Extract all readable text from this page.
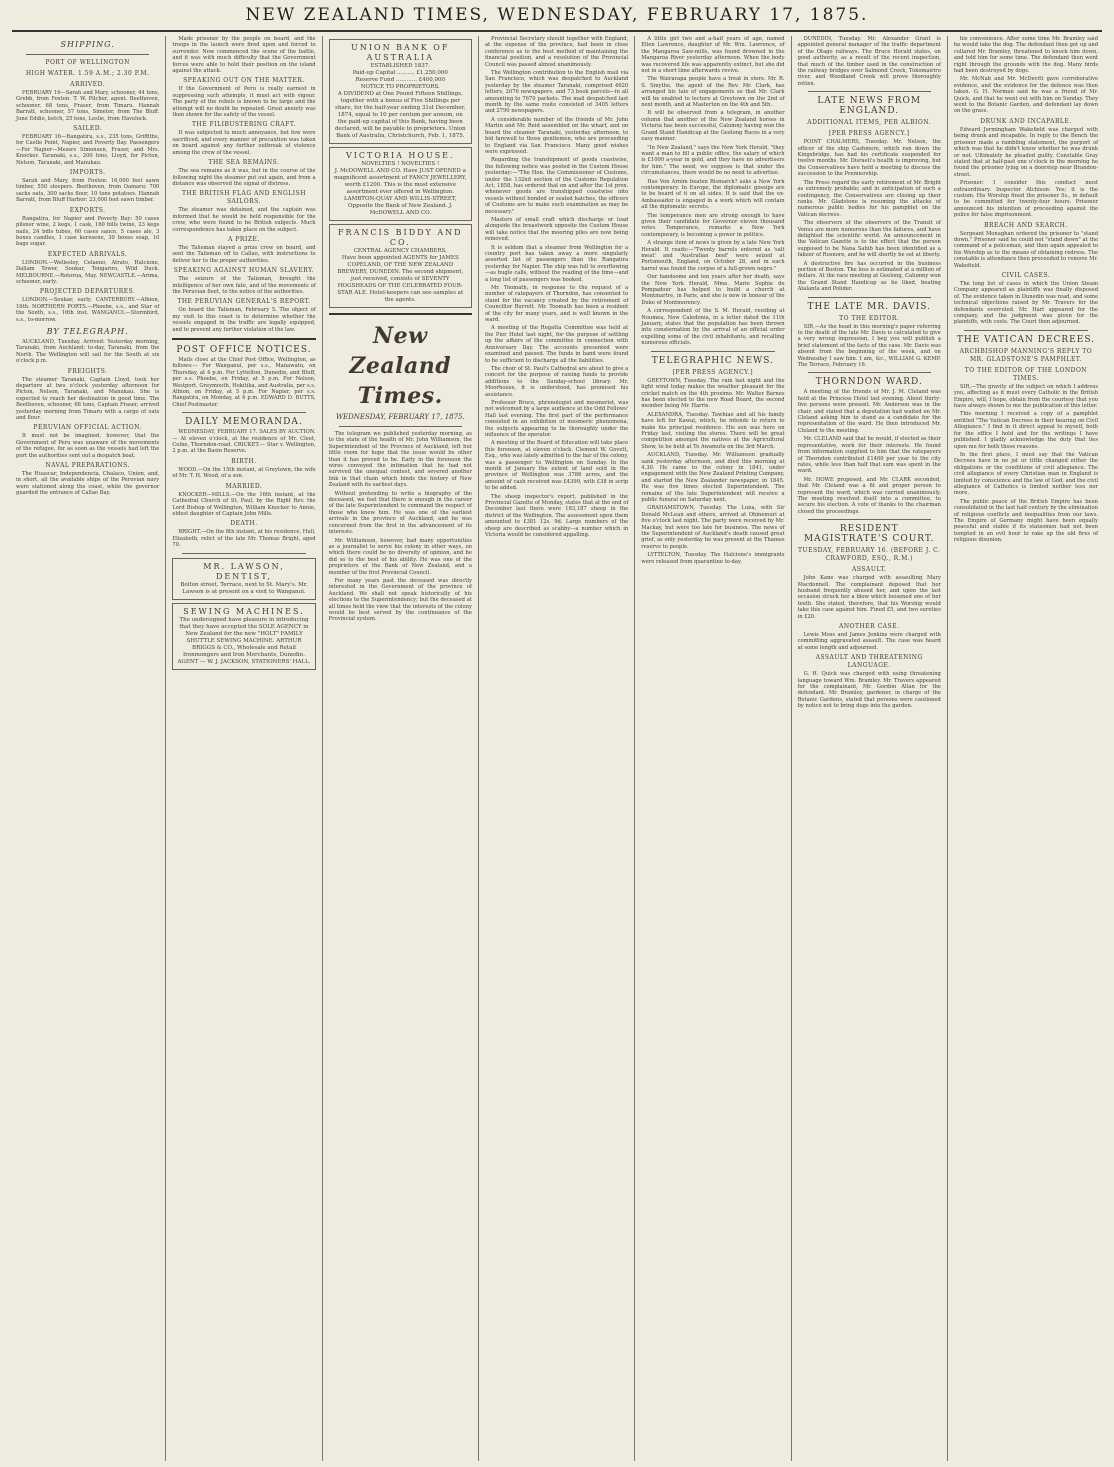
NEW ZEALAND TIMES, WEDNESDAY, FEBRUARY 17, 1875.
SHIPPING.
PORT OF WELLINGTON
HIGH WATER. 1.59 A.M.; 2.30 P.M.
ARRIVED.

FEBRUARY 16—Sarah and Mary, schooner, 44 tons, Grebb, from Foxton. T. W. Pilcher, agent. Beethoven, schooner, 68 tons, Fraser, from Timaru. Hannah Barratt, schooner, 57 tons, Simeter, from The Bluff. June Eddie, ketch, 25 tons, Leslie, from Havelock.

SAILED.

FEBRUARY 16—Rangatira, s.s., 235 tons, Griffiths, for Castle Point, Napier, and Poverty Bay. Passengers—For Napier—Messrs Simonsen, Fraser, and Mrs. Knocker. Taranaki, s.s., 200 tons, Lloyd, for Picton, Nelson, Taranaki, and Manukau.

IMPORTS.

Sarah and Mary, from Foxton: 16,000 feet sawn timber, 550 sleepers. Beethoven, from Oamaru: 700 sacks oats, 300 sacks flour, 10 tons potatoes. Hannah Barratt, from Bluff Harbor: 23,000 feet sawn timber.

EXPORTS.

Rangatira, for Napier and Poverty Bay: 50 cases pilsner wine, 2 kegs, 1 cask, 160 bills twine, 23 kegs nails, 24 bdls tubes, 60 cases sauce, 5 cases ale, 3 boxes candles, 1 case kerosene, 30 boxes soap, 10 bags sugar.

EXPECTED ARRIVALS.

LONDON.—Wellesley, Celaeno, Atrato, Halcione, Dallam Tower, Soukar, Tongariro, Wild Duck. MELBOURNE.—Rotorua, May. NEWCASTLE.—Arima, schooner, early.

PROJECTED DEPARTURES.

LONDON.—Soukar, early. CANTERBURY.—Albion, 16th. NORTHERN PORTS.—Phoebe, s.s., and Star of the South, s.s., 16th inst. WANGANUI.—Stormbird, s.s., to-morrow.

BY TELEGRAPH.

AUCKLAND, Tuesday. Arrived: Yesterday morning, Taranaki, from Auckland; to-day, Taranaki, from the North. The Wellington will sail for the South at six o'clock p.m.

FREIGHTS.

The steamer Taranaki, Captain Lloyd, took her departure at two o'clock yesterday afternoon for Picton, Nelson, Taranaki, and Manukau. She is expected to reach her destination in good time. The Beethoven, schooner, 68 tons, Captain Fraser, arrived yesterday morning from Timaru with a cargo of oats and flour.

PERUVIAN OFFICIAL ACTION.

It must not be imagined, however, that the Government of Peru was unaware of the movements of the refugee, for as soon as the vessels had left the port the authorities sent out a despatch boat.

NAVAL PREPARATIONS.

The Huascar, Independencia, Chalaco, Union, and, in short, all the available ships of the Peruvian navy were stationed along the coast, while the governor guarded the entrance of Callao Bay.

Made prisoner by the people on board, and the troops in the launch were fired upon and forced to surrender. Now commenced the scene of the battle, and it was with much difficulty that the Government forces were able to hold their position on the island against the attack.

SPEAKING OUT ON THE MATTER.

If the Government of Peru is really earnest in suppressing such attempts, it must act with vigour. The party of the rebels is known to be large and the attempt will no doubt be repeated. Great anxiety was then shown for the safety of the vessel.

THE FILIBUSTERING CRAFT.

It was subjected to much annoyance, but few were sacrificed, and every manner of precaution was taken on board against any further outbreak of violence among the crew of the vessel.

THE SEA REMAINS.

The sea remains as it was, but in the course of the following night the steamer put out again, and from a distance was observed the signal of distress.

THE BRITISH FLAG AND ENGLISH SAILORS.

The steamer was detained, and the captain was informed that he would be held responsible for the crew, who were found to be British subjects. Much correspondence has taken place on the subject.

A PRIZE.

The Talisman stayed a prize crew on board, and sent the Talisman off to Callao, with instructions to deliver her to the proper authorities.

SPEAKING AGAINST HUMAN SLAVERY.

The seizure of the Talisman, brought the intelligence of her own fate, and of the movements of the Peruvian fleet, to the notice of the authorities.

THE PERUVIAN GENERAL'S REPORT.

On board the Talisman, February 5. The object of my visit to this coast is to determine whether the vessels engaged in the traffic are legally equipped, and to prevent any further violation of the law.

POST OFFICE NOTICES.

Mails close at the Chief Post Office, Wellington, as follows:— For Wanganui, per s.s., Manawatu, on Thursday, at 4 p.m. For Lyttelton, Dunedin, and Bluff, per s.s. Phoebe, on Friday, at 5 p.m. For Nelson, Westport, Greymouth, Hokitika, and Australia, per s.s. Albion, on Friday, at 5 p.m. For Napier, per s.s. Rangatira, on Monday, at 4 p.m. EDWARD D. BUTTS, Chief Postmaster.

DAILY MEMORANDA.

WEDNESDAY, FEBRUARY 17. SALES BY AUCTION.— At eleven o'clock, at the residence of Mr. Cleet, Colne, Thorndon-road. CRICKET.— Star v. Wellington, 2 p.m. at the Basin Reserve.

BIRTH.

WOOD.—On the 15th instant, at Greytown, the wife of Mr. T. H. Wood, of a son.

MARRIED.

KNOCKER—MILLS.—On the 16th instant, at the Cathedral Church of St. Paul, by the Right Rev. the Lord Bishop of Wellington, William Knocker to Annie, eldest daughter of Captain John Mills.

DEATH.

BRIGHT.—On the 8th instant, at his residence, Hull, Elizabeth, relict of the late Mr. Thomas Bright, aged 70.

MR. LAWSON, DENTIST,
Bolton street, Terrace, next to St. Mary's. Mr. Lawson is at present on a visit to Wanganui.
SEWING MACHINES.
The undersigned have pleasure in introducing that they have accepted the SOLE AGENCY in New Zealand for the new "HOLT" FAMILY SHUTTLE SEWING MACHINE. ARTHUR BRIGGS & CO., Wholesale and Retail Ironmongers and Iron Merchants, Dunedin. AGENT — W. J. JACKSON, STATIONERS' HALL.
UNION BANK OF AUSTRALIA
ESTABLISHED 1837.
Paid-up Capital .......... £1,250,000
Reserve Fund ............ £400,000
NOTICE TO PROPRIETORS.
A DIVIDEND at One Pound Fifteen Shillings, together with a bonus of Five Shillings per share, for the half-year ending 31st December, 1874, equal to 10 per centum per annum, on the paid-up capital of this Bank, having been declared, will be payable to proprietors. Union Bank of Australia, Christchurch, Feb. 1, 1875.
VICTORIA HOUSE.
NOVELTIES ! NOVELTIES !
J. McDOWELL AND CO. Have JUST OPENED a magnificent assortment of FANCY JEWELLERY, worth £1200. This is the most extensive assortment ever offered in Wellington. LAMBTON-QUAY AND WILLIS-STREET, Opposite the Bank of New Zealand. J. McDOWELL AND CO.
FRANCIS BIDDY AND CO.
CENTRAL AGENCY CHAMBERS,
Have been appointed AGENTS for JAMES COPELAND, OF THE NEW ZEALAND BREWERY, DUNEDIN. The second shipment, just received, consists of SEVENTY HOGSHEADS OF THE CELEBRATED FOUR-STAR ALE. Hotel-keepers can see samples at the agents.
New Zealand Times.
WEDNESDAY, FEBRUARY 17, 1875.

The telegram we published yesterday morning, as to the state of the health of Mr. John Williamson, the Superintendent of the Province of Auckland, left but little room for hope that the issue would be other than it has proved to be. Early in the forenoon the wires conveyed the intimation that he had not survived the unequal contest, and severed another link in that chain which binds the history of New Zealand with its earliest days.

Without pretending to write a biography of the deceased, we feel that there is enough in the career of the late Superintendent to command the respect of those who knew him. He was one of the earliest arrivals in the province of Auckland, and he was concerned from the first in the advancement of its interests.

Mr. Williamson, however, had many opportunities as a journalist to serve his colony in other ways, on which there could be no diversity of opinion, and he did so to the best of his ability. He was one of the proprietors of the Bank of New Zealand, and a member of the first Provincial Council.

For many years past the deceased was directly interested in the Government of the province of Auckland. We shall not speak historically of his elections to the Superintendency; but the deceased at all times held the view that the interests of the colony would be best served by the continuance of the Provincial system.

Provincial Secretary should together with England, at the expense of the province, had been in close conference as to the best method of maintaining the financial position, and a resolution of the Provincial Council was passed almost unanimously.

The Wellington contribution to the English mail via San Francisco, which was despatched to Auckland yesterday by the steamer Taranaki, comprised 4620 letters, 2076 newspapers, and 73 book parcels—in all amounting to 7679 packets. The mail despatched last month by the same route consisted of 3405 letters and 2790 newspapers.

A considerable number of the friends of Mr. John Martin and Mr. Reid assembled on the wharf, and on board the steamer Taranaki, yesterday afternoon, to bid farewell to those gentlemen, who are proceeding to England via San Francisco. Many good wishes were expressed.

Regarding the transhipment of goods coastwise, the following notice was posted in the Custom House yesterday:—"The Hon. the Commissioner of Customs, under the 132nd section of the Customs Regulation Act, 1858, has ordered that on and after the 1st prox. whenever goods are transhipped coastwise into vessels without bonded or sealed hatches, the officers of Customs are to make such examination as may be necessary."

Masters of small craft which discharge or load alongside the breastwork opposite the Custom House will take notice that the mooring piles are now being removed.

It is seldom that a steamer from Wellington for a country port has taken away a more singularly assorted list of passengers than the Rangatira yesterday for Napier. The ship was full to overflowing—as bugle calls, without the reading of the time—and a long list of passengers was booked.

Mr. Toomath, in response to the request of a number of ratepayers of Thorndon, has consented to stand for the vacancy created by the retirement of Councillor Burrett. Mr. Toomath has been a resident of the city for many years, and is well known in the ward.

A meeting of the Regatta Committee was held at the Pier Hotel last night, for the purpose of settling up the affairs of the committee in connection with Anniversary Day. The accounts presented were examined and passed. The funds in hand were found to be sufficient to discharge all the liabilities.

The choir of St. Paul's Cathedral are about to give a concert for the purpose of raising funds to provide additions to the Sunday-school library. Mr. Moorhouse, it is understood, has promised his assistance.

Professor Bruce, phrenologist and mesmerist, was not welcomed by a large audience at the Odd Fellows' Hall last evening. The first part of the performance consisted in an exhibition of mesmeric phenomena, the subjects appearing to be thoroughly under the influence of the operator.

A meeting of the Board of Education will take place this forenoon, at eleven o'clock. Clement W. Govett, Esq., who was lately admitted to the bar of the colony, was a passenger to Wellington on Sunday. In the month of January the extent of land sold in the province of Wellington was 3786 acres, and the amount of cash received was £4399, with £38 in scrip to be added.

The sheep inspector's report, published in the Provincial Gazette of Monday, states that at the end of December last there were 183,187 sheep in the district of the Wellington. The assessment upon them amounted to £381 12s. 9d. Large numbers of the sheep are described as scabby—a number which in Victoria would be considered appalling.

A little girl two and a-half years of age, named Ellen Lawrence, daughter of Mr. Wm. Lawrence, of the Mangaroa Saw-mills, was found drowned in the Mangaroa River yesterday afternoon. When the body was recovered life was apparently extinct, but she did not in a short time afterwards revive.

The Wairarapa people have a treat in store. Mr. R. S. Smythe, the agent of the Rev. Mr. Clark, has arranged his tale of engagements so that Mr. Clark will be enabled to lecture at Greytown on the 2nd of next month, and at Masterton on the 4th and 5th.

It will be observed from a telegram, in another column that another of the New Zealand horses in Victoria has been successful, Calumny having won the Grand Stand Handicap at the Geelong Races in a very easy manner.

"In New Zealand," says the New York Herald, "they want a man to fill a public office, the salary of which is £1000 a-year in gold, and they have no advertisers for him." The need, we suppose is that under the circumstances, there would be no need to advertise.

Has Von Arnim beaten Bismarck? asks a New York contemporary. In Europe, the diplomatic gossips are to be heard of it on all sides. It is said that the ex-Ambassador is engaged in a work which will contain all the diplomatic secrets.

The temperance men are strong enough to have given their candidate for Governor eleven thousand votes. Temperance, remarks a New York contemporary, is becoming a power in politics.

A strange item of news is given by a late New York Herald. It reads:—"Twenty barrels entered as 'salt meat' and 'Australian beef' were seized at Portsmouth, England, on October 28, and in each barrel was found the corpse of a full-grown negro."

Our handsome and ten years after her death, says the New York Herald, Mme. Marie Sophie de Pompadour has helped to build a church at Montmartre, in Paris, and she is now in honour of the Duke of Montmorency.

A correspondent of the S. M. Herald, residing at Noumea, New Caledonia, in a letter dated the 11th January, states that the population has been thrown into consternation by the arrival of an official order expelling some of the civil inhabitants, and recalling numerous officials.

TELEGRAPHIC NEWS.
[PER PRESS AGENCY.]

GREYTOWN, Tuesday. The rain last night and the light wind today makes the weather pleasant for the cricket match on the 4th proximo. Mr. Walter Barnes has been elected to the new Road Board, the second member being Mr. Harris.

ALEXANDRA, Tuesday. Tawhiao and all his family have left for Kawai, which, he intends to return to make his principal residence. His son was here on Friday last, visiting the stores. There will be great competition amongst the natives at the Agricultural Show, to be held at Te Awamutu on the 3rd March.

AUCKLAND, Tuesday. Mr. Williamson gradually sank yesterday afternoon, and died this morning at 4.30. He came to the colony in 1841, under engagement with the New Zealand Printing Company, and started the New Zealander newspaper, in 1845. He was five times elected Superintendent. The remains of the late Superintendent will receive a public funeral on Saturday next.

GRAHAMSTOWN, Tuesday. The Luna, with Sir Donald McLean and others, arrived at Ohinemuri at five o'clock last night. The party were received by Mr. Mackay, but were too late for business. The news of the Superintendent of Auckland's death caused great grief, as only yesterday he was present at the Thames reserve to people.

LYTTELTON, Tuesday. The Halcione's immigrants were released from quarantine to-day.

DUNEDIN, Tuesday. Mr. Alexander Grant is appointed general manager of the traffic department of the Otago railways. The Bruce Herald states, on good authority, as a result of the recent inspection, that much of the timber used in the construction of the railway bridges over Salmond Creek, Tokomairiro river, and Woodland Creek will prove thoroughly rotten.

LATE NEWS FROM ENGLAND.
ADDITIONAL ITEMS, PER ALBION.
[PER PRESS AGENCY.]

POINT CHALMERS, Tuesday. Mr. Nelson, the officer of the ship Cashmere, which ran down the Kingsbridge, has had his certificate suspended for twelve months. Mr. Disraeli's health is improving, but the Conservatives have held a meeting to discuss the succession to the Premiership.

The Press regard the early retirement of Mr. Bright as extremely probable; and in anticipation of such a contingency, the Conservatives are closing up their ranks. Mr. Gladstone is resuming the attacks of numerous public bodies for his pamphlet on the Vatican decrees.

The observers of the observers of the Transit of Venus are more numerous than the failures, and have delighted the scientific world. An announcement in the Vatican Gazette is to the effect that the person supposed to be Nana Sahib has been identified as a fakeer of Rosnore, and he will shortly be set at liberty.

A destructive fire has occurred in the business portion of Boston. The loss is estimated at a million of dollars. At the race meeting at Geelong, Calumny won the Grand Stand Handicap as he liked, beating Atalanta and Polider.

THE LATE MR. DAVIS.
TO THE EDITOR.

SIR,—As the head in this morning's paper referring to the death of the late Mr. Davis is calculated to give a very wrong impression, I beg you will publish a brief statement of the facts of the case. Mr. Davis was absent from the beginning of the week, and on Wednesday I saw him. I am, &c., WILLIAM G. KEMP. The Terrace, February 16.

THORNDON WARD.

A meeting of the friends of Mr. J. M. Cleland was held at the Princess Hotel last evening. About thirty-five persons were present. Mr. Anderson was in the chair, and stated that a deputation had waited on Mr. Cleland asking him to stand as a candidate for the representation of the ward. He then introduced Mr. Cleland to the meeting.

Mr. CLELAND said that he would, if elected as their representative, work for their interests. He found from information supplied to him that the ratepayers of Thorndon contributed £1400 per year to the city rates, while less than half that sum was spent in the ward.

Mr. HOWE proposed, and Mr. CLARK seconded, that Mr. Cleland was a fit and proper person to represent the ward, which was carried unanimously. The meeting resolved itself into a committee, to secure his election. A vote of thanks to the chairman closed the proceedings.

RESIDENT MAGISTRATE'S COURT.
TUESDAY, FEBRUARY 16. (BEFORE J. C. CRAWFORD, ESQ., R.M.)
ASSAULT.

John Kane was charged with assaulting Mary Macdonnell. The complainant deposed that her husband frequently abused her, and upon the last occasion struck her a blow which loosened one of her teeth. She stated, therefore, that his Worship would take this case against him. Fined £5, and two sureties in £20.

ANOTHER CASE.

Lewis Moss and James Jenkins were charged with committing aggravated assault. The case was heard at some length and adjourned.

ASSAULT AND THREATENING LANGUAGE.

G. H. Quick was charged with using threatening language toward Wm. Bramley. Mr. Travers appeared for the complainant, Mr. Gordon Allan for the defendant. Mr. Bramley, gardener, in charge of the Botanic Gardens, stated that persons were cautioned by notice not to bring dogs into the garden.

his convenience. After some time Mr. Bramley said he would take the dog. The defendant then got up and collared Mr. Bramley, threatened to knock him down, and told him for some time. The defendant then went right through the grounds with the dog. Many birds had been destroyed by dogs.

Mr. McNab and Mr. McDevitt gave corroborative evidence, and the evidence for the defence was then taken. G. H. Norman said he was a friend of Mr. Quick, and that he went out with him on Sunday. They went to the Botanic Garden, and defendant lay down on the grass.

DRUNK AND INCAPABLE.

Edward Jermingham Wakefield was charged with being drunk and incapable. In reply to the Bench the prisoner made a rambling statement, the purport of which was that he didn't know whether he was drunk or not. Ultimately he pleaded guilty. Constable Gray stated that at half-past one o'clock in the morning he found the prisoner lying on a doorstep near Brandon-street.

Prisoner: I consider this conduct most extraordinary. Inspector Atchison: Yes; it is the custom. His Worship fined the prisoner 5s., in default to be committed for twenty-four hours. Prisoner announced his intention of proceeding against the police for false imprisonment.

BREACH AND SEARCH.

Sergeant Monaghan ordered the prisoner to "stand down." Prisoner said he could not "stand down" at the command of a policeman, and then again appealed to his Worship as to the means of obtaining redress. The constable is attendance then proceeded to remove Mr. Wakefield.

CIVIL CASES.

The long list of cases in which the Union Steam Company appeared as plaintiffs was finally disposed of. The evidence taken in Dunedin was read, and some technical objections raised by Mr. Travers for the defendants overruled. Mr. Hart appeared for the company, and the judgment was given for the plaintiffs, with costs. The Court then adjourned.

THE VATICAN DECREES.
ARCHBISHOP MANNING'S REPLY TO MR. GLADSTONE'S PAMPHLET.
TO THE EDITOR OF THE LONDON TIMES.

SIR,—The gravity of the subject on which I address you, affecting as it must every Catholic in the British Empire, will, I hope, obtain from the courtesy that you have always shown to me the publication of this letter.

This morning I received a copy of a pamphlet entitled "The Vatican Decrees in their bearing on Civil Allegiance." I find in it direct appeal to myself, both for the office I hold and for the writings I have published. I gladly acknowledge the duty that lies upon me for both those reasons.

In the first place, I must say that the Vatican Decrees have in no jot or tittle changed either the obligations or the conditions of civil allegiance. The civil allegiance of every Christian man in England is limited by conscience and the law of God, and the civil allegiance of Catholics is limited neither less nor more.

The public peace of the British Empire has been consolidated in the last half century by the elimination of religious conflicts and inequalities from our laws. The Empire of Germany might have been equally peaceful and stable if its statesmen had not been tempted in an evil hour to rake up the old fires of religious disunion.
